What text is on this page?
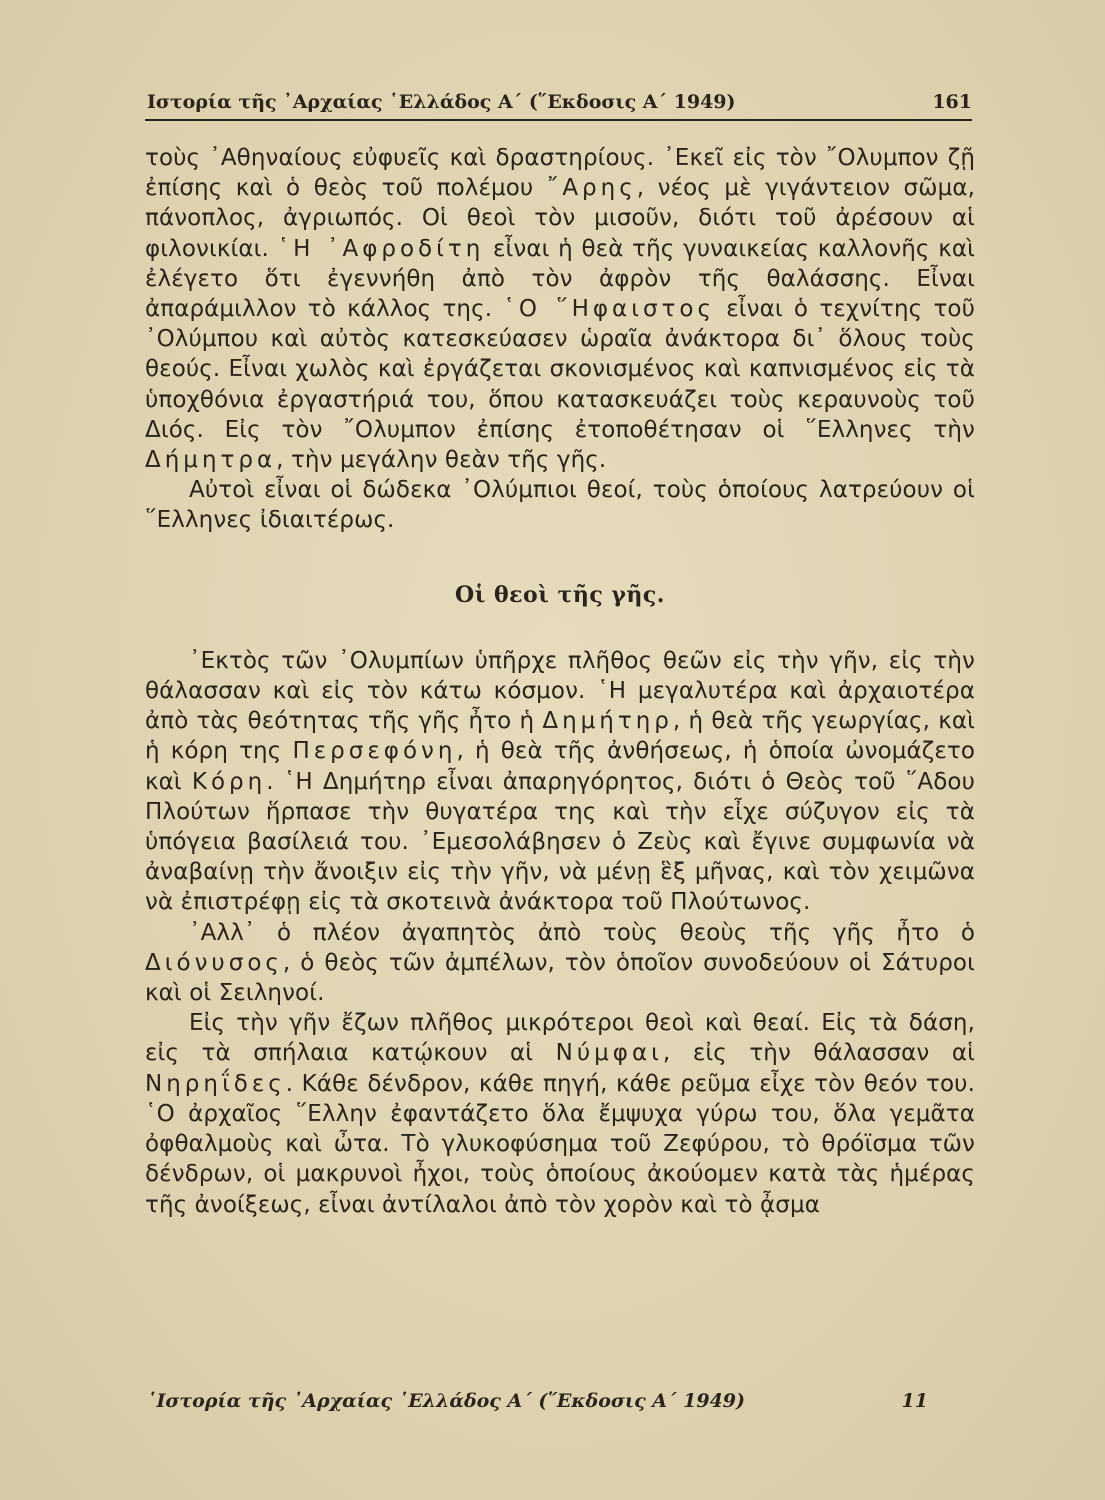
Ιστορία τῆς ᾿Αρχαίας ῾Ελλάδος Α΄ (῞Εκδοσις Α΄ 1949)	161

τοὺς ᾿Αθηναίους εὐφυεῖς καὶ δραστηρίους. ᾿Εκεῖ εἰς τὸν ῎Ολυμπον ζῇ ἐπίσης καὶ ὁ θεὸς τοῦ πολέμου ῎Αρης, νέος μὲ γιγάντειον σῶμα, πάνοπλος, ἀγριωπός. Οἱ θεοὶ τὸν μισοῦν, διότι τοῦ ἀρέσουν αἱ φιλονικίαι. ῾Η ᾿Αφροδίτη εἶναι ἡ θεὰ τῆς γυναικείας καλλονῆς καὶ ἐλέγετο ὅτι ἐγεννήθη ἀπὸ τὸν ἀφρὸν τῆς θαλάσσης. Εἶναι ἀπαράμιλλον τὸ κάλλος της. ῾Ο ῞Ηφαιστος εἶναι ὁ τεχνίτης τοῦ ᾿Ολύμπου καὶ αὐτὸς κατεσκεύασεν ὡραῖα ἀνάκτορα δι᾿ ὅλους τοὺς θεούς. Εἶναι χωλὸς καὶ ἐργάζεται σκονισμένος καὶ καπνισμένος εἰς τὰ ὑποχθόνια ἐργαστήριά του, ὅπου κατασκευάζει τοὺς κεραυνοὺς τοῦ Διός. Εἰς τὸν ῎Ολυμπον ἐπίσης ἐτοποθέτησαν οἱ ῞Ελληνες τὴν Δήμητρα, τὴν μεγάλην θεὰν τῆς γῆς.

Αὐτοὶ εἶναι οἱ δώδεκα ᾿Ολύμπιοι θεοί, τοὺς ὁποίους λατρεύουν οἱ ῞Ελληνες ἰδιαιτέρως.

Οἱ θεοὶ τῆς γῆς.

᾿Εκτὸς τῶν ᾿Ολυμπίων ὑπῆρχε πλῆθος θεῶν εἰς τὴν γῆν, εἰς τὴν θάλασσαν καὶ εἰς τὸν κάτω κόσμον. ῾Η μεγαλυτέρα καὶ ἀρχαιοτέρα ἀπὸ τὰς θεότητας τῆς γῆς ἦτο ἡ Δημήτηρ, ἡ θεὰ τῆς γεωργίας, καὶ ἡ κόρη της Περσεφόνη, ἡ θεὰ τῆς ἀνθήσεως, ἡ ὁποία ὠνομάζετο καὶ Κόρη. ῾Η Δημήτηρ εἶναι ἀπαρηγόρητος, διότι ὁ Θεὸς τοῦ ῞Αδου Πλούτων ἥρπασε τὴν θυγατέρα της καὶ τὴν εἶχε σύζυγον εἰς τὰ ὑπόγεια βασίλειά του. ᾿Εμεσολάβησεν ὁ Ζεὺς καὶ ἔγινε συμφωνία νὰ ἀναβαίνῃ τὴν ἄνοιξιν εἰς τὴν γῆν, νὰ μένῃ ἓξ μῆνας, καὶ τὸν χειμῶνα νὰ ἐπιστρέφῃ εἰς τὰ σκοτεινὰ ἀνάκτορα τοῦ Πλούτωνος.

᾿Αλλ᾿ ὁ πλέον ἀγαπητὸς ἀπὸ τοὺς θεοὺς τῆς γῆς ἦτο ὁ Διόνυσος, ὁ θεὸς τῶν ἀμπέλων, τὸν ὁποῖον συνοδεύουν οἱ Σάτυροι καὶ οἱ Σειληνοί.

Εἰς τὴν γῆν ἔζων πλῆθος μικρότεροι θεοὶ καὶ θεαί. Εἰς τὰ δάση, εἰς τὰ σπήλαια κατῴκουν αἱ Νύμφαι, εἰς τὴν θάλασσαν αἱ Νηρηΐδες. Κάθε δένδρον, κάθε πηγή, κάθε ρεῦμα εἶχε τὸν θεόν του. ῾Ο ἀρχαῖος ῞Ελλην ἐφαντάζετο ὅλα ἔμψυχα γύρω του, ὅλα γεμᾶτα ὀφθαλμοὺς καὶ ὦτα. Τὸ γλυκοφύσημα τοῦ Ζεφύρου, τὸ θρόϊσμα τῶν δένδρων, οἱ μακρυνοὶ ἦχοι, τοὺς ὁποίους ἀκούομεν κατὰ τὰς ἡμέρας τῆς ἀνοίξεως, εἶναι ἀντίλαλοι ἀπὸ τὸν χορὸν καὶ τὸ ᾆσμα

῾Ιστορία τῆς ᾿Αρχαίας ῾Ελλάδος Α΄ (῞Εκδοσις Α΄ 1949)	11
